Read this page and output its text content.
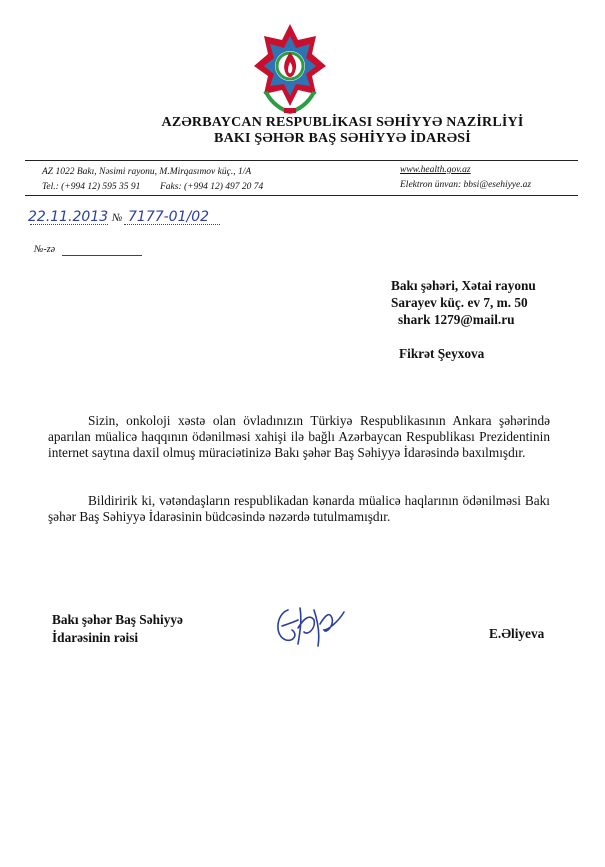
AZƏRBAYCAN RESPUBLİKASI SƏHİYYƏ NAZİRLİYİ
BAKI ŞƏHƏR BAŞ SƏHİYYƏ İDARƏSİ
AZ 1022 Bakı, Nəsimi rayonu, M.Mirqasımov küç., 1/A
Tel.: (+994 12) 595 35 91 Faks: (+994 12) 497 20 74
www.health.gov.az
Elektron ünvan: bbsi@esehiyye.az
22.11.2013 № 7177-01/02
№-zə
Bakı şəhəri, Xətai rayonu
Sarayev küç. ev 7, m. 50
shark 1279@mail.ru
Fikrət Şeyxova
Sizin, onkoloji xəstə olan övladınızın Türkiyə Respublikasının Ankara şəhərində aparılan müalicə haqqının ödənilməsi xahişi ilə bağlı Azərbaycan Respublikası Prezidentinin internet saytına daxil olmuş müraciətinizə Bakı şəhər Baş Səhiyyə İdarəsində baxılmışdır.
Bildiririk ki, vətəndaşların respublikadan kənarda müalicə haqlarının ödənilməsi Bakı şəhər Baş Səhiyyə İdarəsinin büdcəsində nəzərdə tutulmamışdır.
Bakı şəhər Baş Səhiyyə
İdarəsinin rəisi	E.Əliyeva
